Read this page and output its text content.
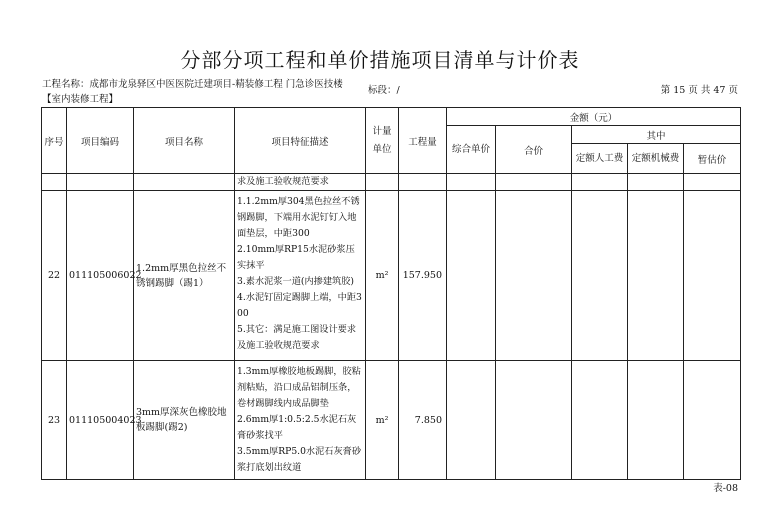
分部分项工程和单价措施项目清单与计价表
工程名称：成都市龙泉驿区中医医院迁建项目-精装修工程 门急诊医技楼 【室内装修工程】
标段：/	第 15 页 共 47 页
序号	项目编码	项目名称	项目特征描述	计量单位	工程量	金额（元）				
						综合单价	合价	其中		
								定额人工费	定额机械费	暂估价
			求及施工验收规范要求							
22	011105006022	1.2mm厚黑色拉丝不锈钢踢脚（踢1）	1.1.2mm厚304黑色拉丝不锈钢踢脚，下端用水泥钉钉入地面垫层，中距300
2.10mm厚RP15水泥砂浆压实抹平
3.素水泥浆一道(内掺建筑胶)
4.水泥钉固定踢脚上端，中距300
5.其它：满足施工图设计要求及施工验收规范要求	m²	157.950					
23	011105004023	3mm厚深灰色橡胶地板踢脚(踢2)	1.3mm厚橡胶地板踢脚，胶粘剂粘贴，沿口成品铝制压条，卷材踢脚线内成品脚垫
2.6mm厚1:0.5:2.5水泥石灰膏砂浆找平
3.5mm厚RP5.0水泥石灰膏砂浆打底划出纹道	m²	7.850					
表-08
